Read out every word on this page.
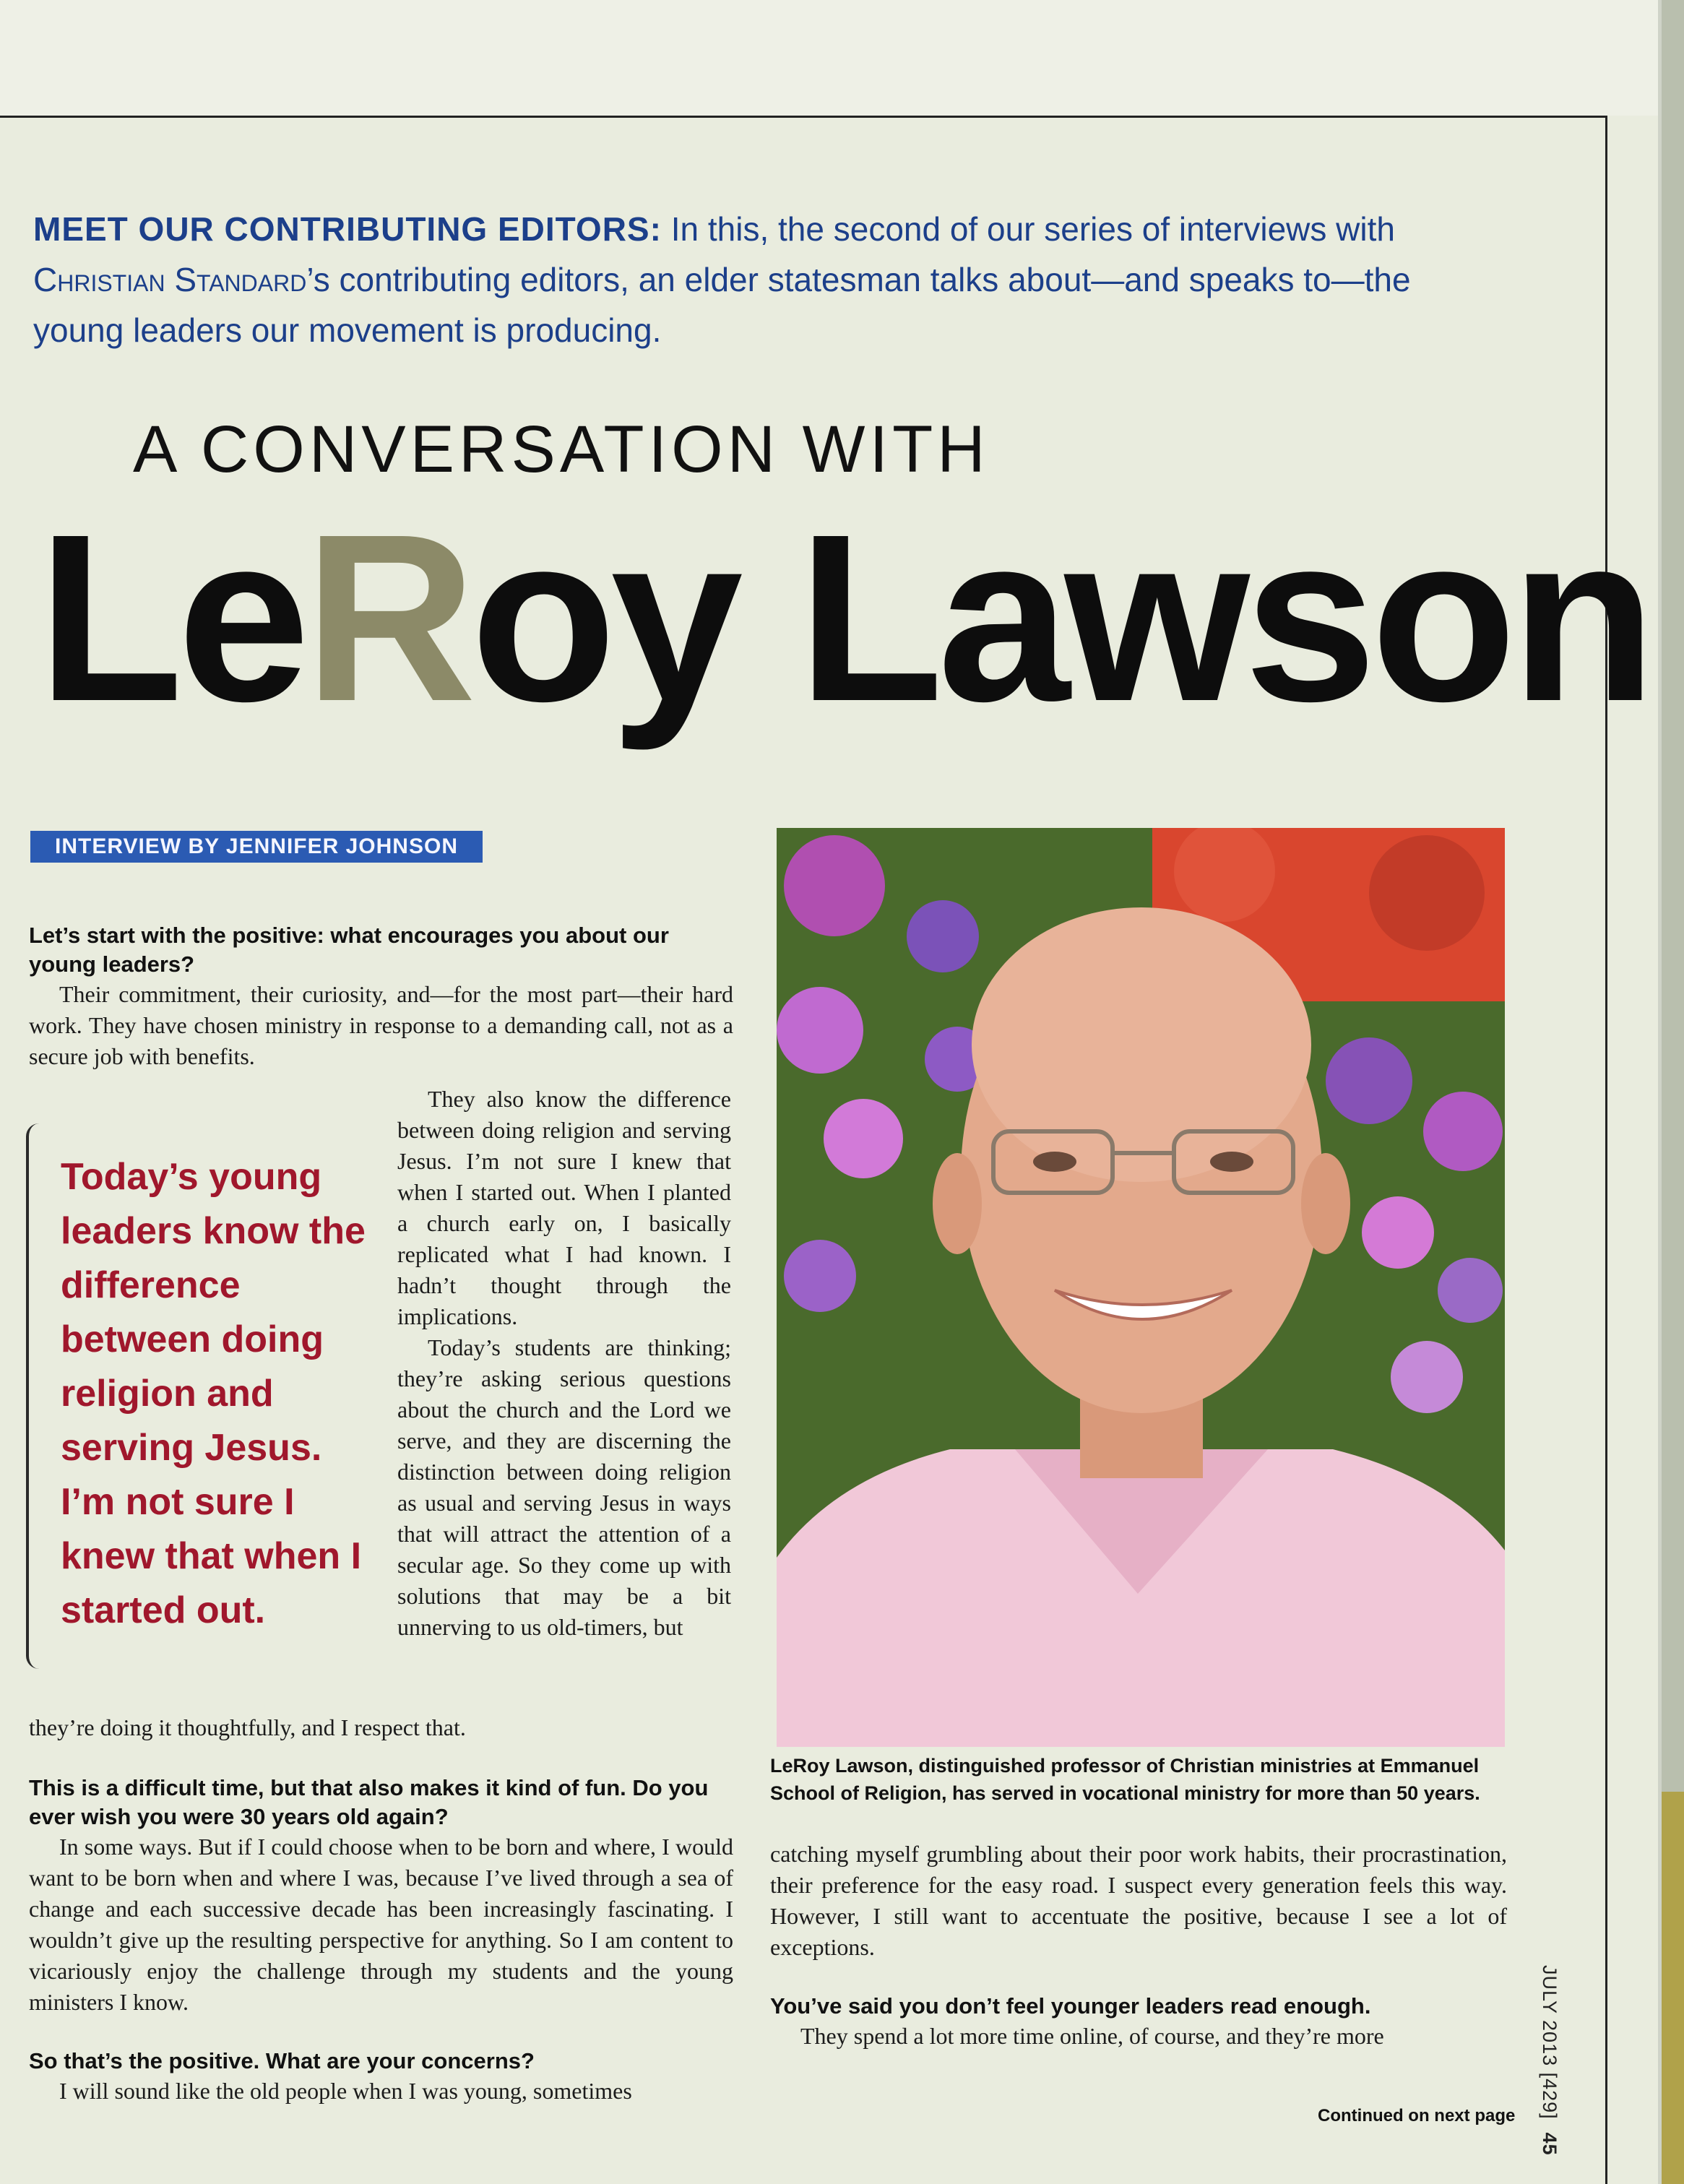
MEET OUR CONTRIBUTING EDITORS: In this, the second of our series of interviews with Christian Standard’s contributing editors, an elder statesman talks about—and speaks to—the young leaders our movement is producing.

A CONVERSATION WITH
LeRoy Lawson
INTERVIEW BY JENNIFER JOHNSON
Let’s start with the positive: what encourages you about our young leaders?
Their commitment, their curiosity, and—for the most part—their hard work. They have chosen ministry in response to a demanding call, not as a secure job with benefits.
They also know the difference between doing religion and serving Jesus. I’m not sure I knew that when I started out. When I planted a church early on, I basically replicated what I had known. I hadn’t thought through the implications.
Today’s students are thinking; they’re asking serious questions about the church and the Lord we serve, and they are discerning the distinction between doing religion as usual and serving Jesus in ways that will attract the attention of a secular age. So they come up with solutions that may be a bit unnerving to us old-timers, but
they’re doing it thoughtfully, and I respect that.
Today’s young leaders know the difference between doing religion and serving Jesus. I’m not sure I knew that when I started out.
This is a difficult time, but that also makes it kind of fun. Do you ever wish you were 30 years old again?
In some ways. But if I could choose when to be born and where, I would want to be born when and where I was, because I’ve lived through a sea of change and each successive decade has been increasingly fascinating. I wouldn’t give up the resulting perspective for anything. So I am content to vicariously enjoy the challenge through my students and the young ministers I know.
So that’s the positive. What are your concerns?
I will sound like the old people when I was young, sometimes
LeRoy Lawson, distinguished professor of Christian ministries at Emmanuel School of Religion, has served in vocational ministry for more than 50 years.
catching myself grumbling about their poor work habits, their procrastination, their preference for the easy road. I suspect every generation feels this way. However, I still want to accentuate the positive, because I see a lot of exceptions.
You’ve said you don’t feel younger leaders read enough.
They spend a lot more time online, of course, and they’re more
Continued on next page JULY 2013 [429]45
